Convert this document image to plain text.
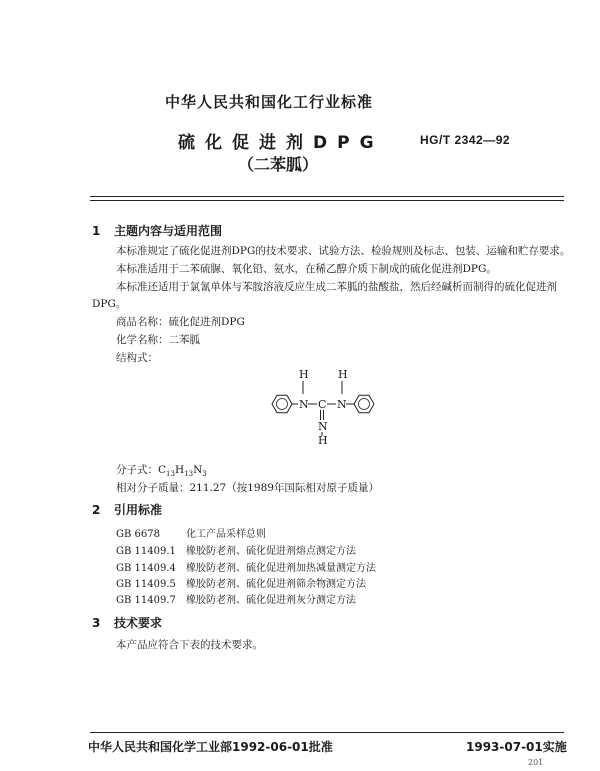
中华人民共和国化工行业标准
硫化促进剂DPG	HG/T 2342—92
（二苯胍）
1 主题内容与适用范围
本标准规定了硫化促进剂DPG的技术要求、试验方法、检验规则及标志、包装、运输和贮存要求。
本标准适用于二苯硫脲、氧化铅、氨水，在稀乙醇介质下制成的硫化促进剂DPG。
本标准还适用于氯氰单体与苯胺溶液反应生成二苯胍的盐酸盐，然后经碱析而制得的硫化促进剂
DPG。
商品名称：硫化促进剂DPG
化学名称：二苯胍
结构式：
N
H
C N
H
N
H
分子式：$C_{13}H_{13}N_3$
相对分子质量：211.27（按1989年国际相对原子质量）
2 引用标准
GB 6678	化工产品采样总则
GB 11409.1 橡胶防老剂、硫化促进剂熔点测定方法
GB 11409.4 橡胶防老剂、硫化促进剂加热减量测定方法
GB 11409.5 橡胶防老剂、硫化促进剂筛余物测定方法
GB 11409.7 橡胶防老剂、硫化促进剂灰分测定方法
3 技术要求
本产品应符合下表的技术要求。
中华人民共和国化学工业部1992-06-01批准	1993-07-01实施
201
